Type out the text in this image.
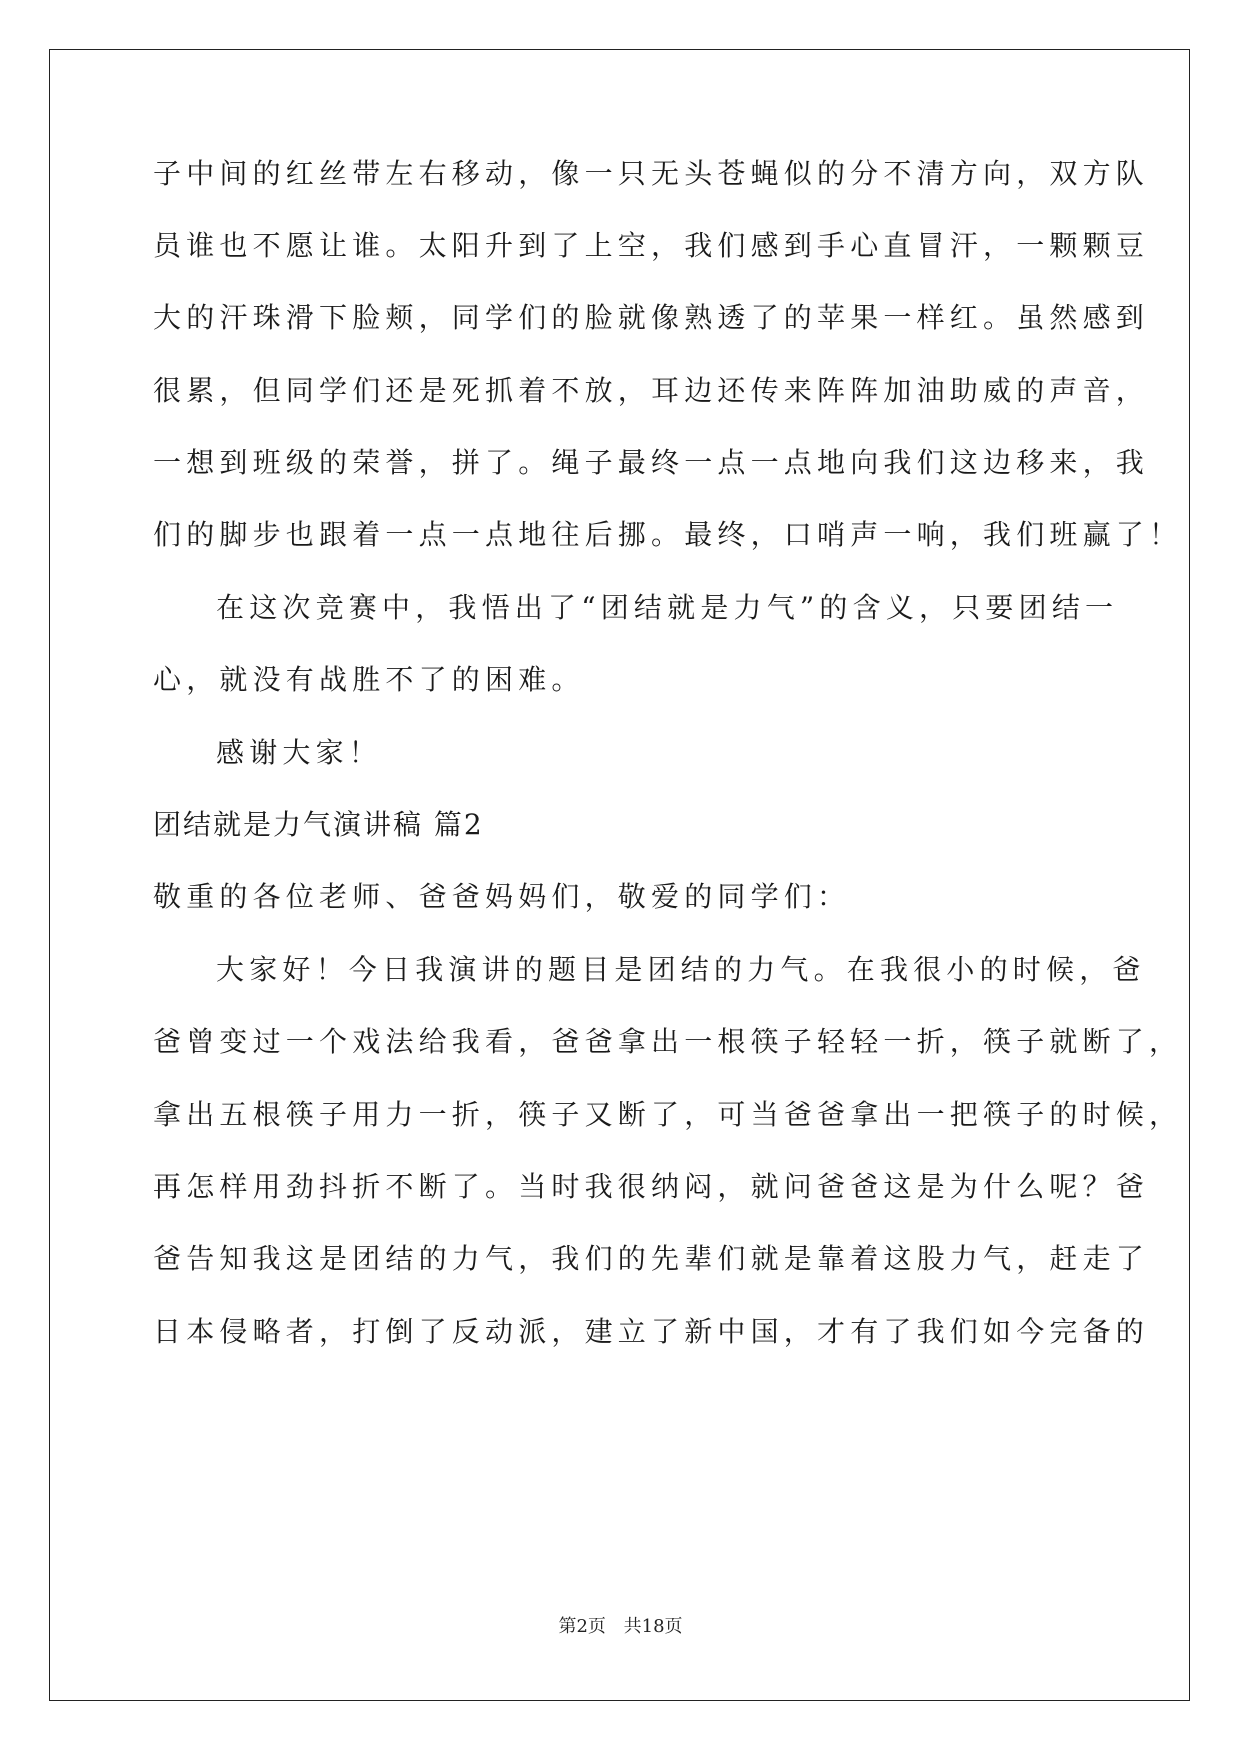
子中间的红丝带左右移动，像一只无头苍蝇似的分不清方向，双方队
员谁也不愿让谁。太阳升到了上空，我们感到手心直冒汗，一颗颗豆
大的汗珠滑下脸颊，同学们的脸就像熟透了的苹果一样红。虽然感到
很累，但同学们还是死抓着不放，耳边还传来阵阵加油助威的声音，
一想到班级的荣誉，拼了。绳子最终一点一点地向我们这边移来，我
们的脚步也跟着一点一点地往后挪。最终，口哨声一响，我们班赢了！
在这次竞赛中，我悟出了“团结就是力气”的含义，只要团结一
心，就没有战胜不了的困难。
感谢大家！
团结就是力气演讲稿 篇2
敬重的各位老师、爸爸妈妈们，敬爱的同学们：
大家好！今日我演讲的题目是团结的力气。在我很小的时候，爸
爸曾变过一个戏法给我看，爸爸拿出一根筷子轻轻一折，筷子就断了，
拿出五根筷子用力一折，筷子又断了，可当爸爸拿出一把筷子的时候，
再怎样用劲抖折不断了。当时我很纳闷，就问爸爸这是为什么呢？爸
爸告知我这是团结的力气，我们的先辈们就是靠着这股力气，赶走了
日本侵略者，打倒了反动派，建立了新中国，才有了我们如今完备的
第2页 共18页
